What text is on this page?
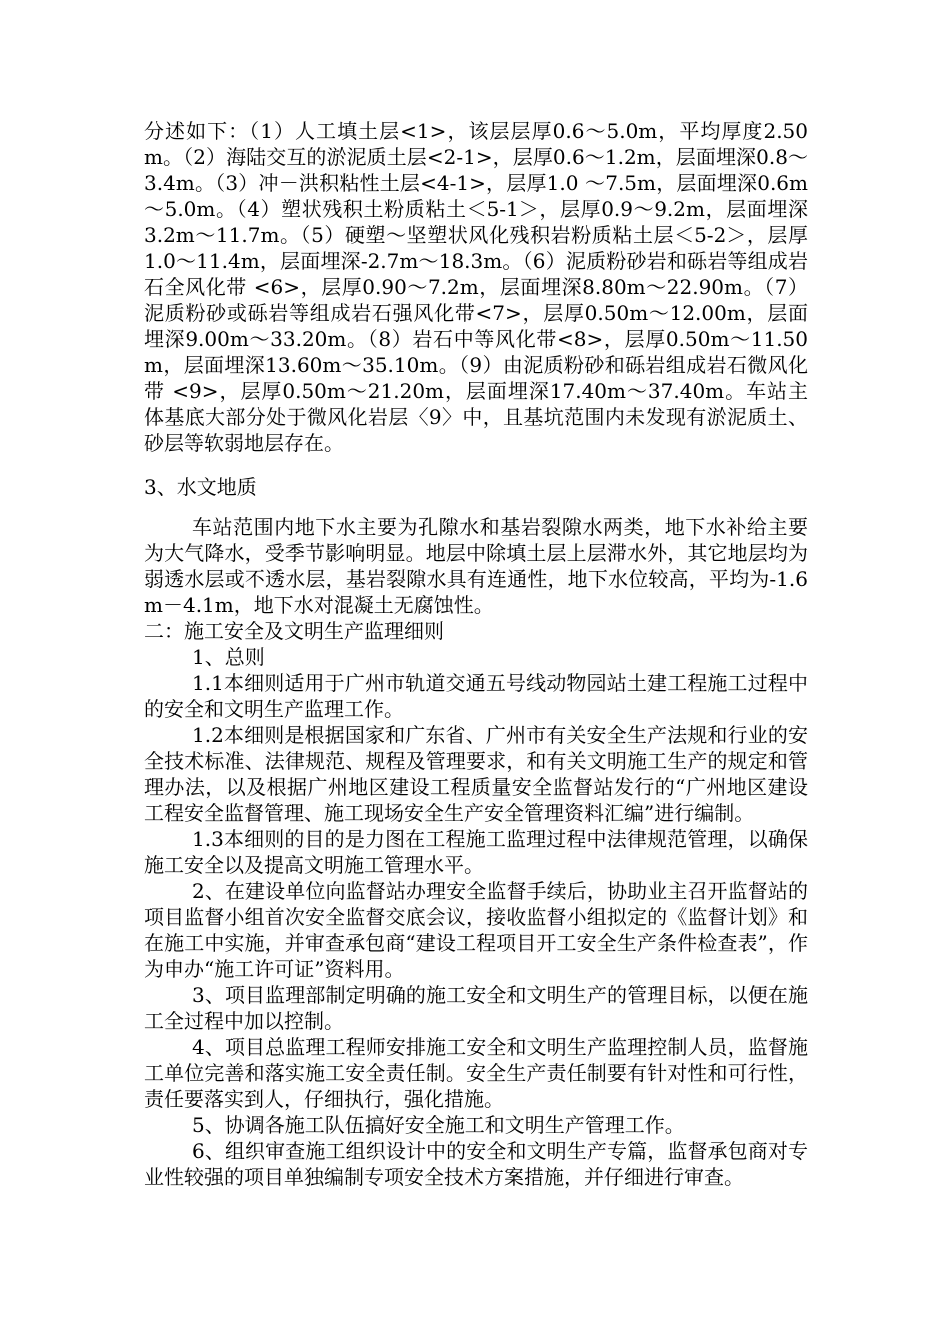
分述如下：（1）人工填土层<1>，该层层厚0.6～5.0m，平均厚度2.50m。（2）海陆交互的淤泥质土层<2-1>，层厚0.6～1.2m，层面埋深0.8～3.4m。（3）冲－洪积粘性土层<4-1>，层厚1.0 ～7.5m，层面埋深0.6m～5.0m。（4）塑状残积土粉质粘土＜5-1＞，层厚0.9～9.2m，层面埋深3.2m～11.7m。（5）硬塑～坚塑状风化残积岩粉质粘土层＜5-2＞，层厚1.0～11.4m，层面埋深-2.7m～18.3m。（6）泥质粉砂岩和砾岩等组成岩石全风化带 <6>，层厚0.90～7.2m，层面埋深8.80m～22.90m。（7）泥质粉砂或砾岩等组成岩石强风化带<7>，层厚0.50m～12.00m，层面埋深9.00m～33.20m。（8）岩石中等风化带<8>，层厚0.50m～11.50m，层面埋深13.60m～35.10m。（9）由泥质粉砂和砾岩组成岩石微风化带 <9>，层厚0.50m～21.20m，层面埋深17.40m～37.40m。车站主体基底大部分处于微风化岩层〈9〉中，且基坑范围内未发现有淤泥质土、砂层等软弱地层存在。

3、水文地质

车站范围内地下水主要为孔隙水和基岩裂隙水两类，地下水补给主要为大气降水，受季节影响明显。地层中除填土层上层滞水外，其它地层均为弱透水层或不透水层，基岩裂隙水具有连通性，地下水位较高，平均为-1.6m－4.1m，地下水对混凝土无腐蚀性。

二：施工安全及文明生产监理细则

1、总则

1.1本细则适用于广州市轨道交通五号线动物园站土建工程施工过程中的安全和文明生产监理工作。

1.2本细则是根据国家和广东省、广州市有关安全生产法规和行业的安全技术标准、法律规范、规程及管理要求，和有关文明施工生产的规定和管理办法，以及根据广州地区建设工程质量安全监督站发行的“广州地区建设工程安全监督管理、施工现场安全生产安全管理资料汇编”进行编制。

1.3本细则的目的是力图在工程施工监理过程中法律规范管理，以确保施工安全以及提高文明施工管理水平。

2、在建设单位向监督站办理安全监督手续后，协助业主召开监督站的项目监督小组首次安全监督交底会议，接收监督小组拟定的《监督计划》和在施工中实施，并审查承包商“建设工程项目开工安全生产条件检查表”，作为申办“施工许可证”资料用。

3、项目监理部制定明确的施工安全和文明生产的管理目标，以便在施工全过程中加以控制。

4、项目总监理工程师安排施工安全和文明生产监理控制人员，监督施工单位完善和落实施工安全责任制。安全生产责任制要有针对性和可行性，责任要落实到人，仔细执行，强化措施。

5、协调各施工队伍搞好安全施工和文明生产管理工作。

6、组织审查施工组织设计中的安全和文明生产专篇，监督承包商对专业性较强的项目单独编制专项安全技术方案措施，并仔细进行审查。
